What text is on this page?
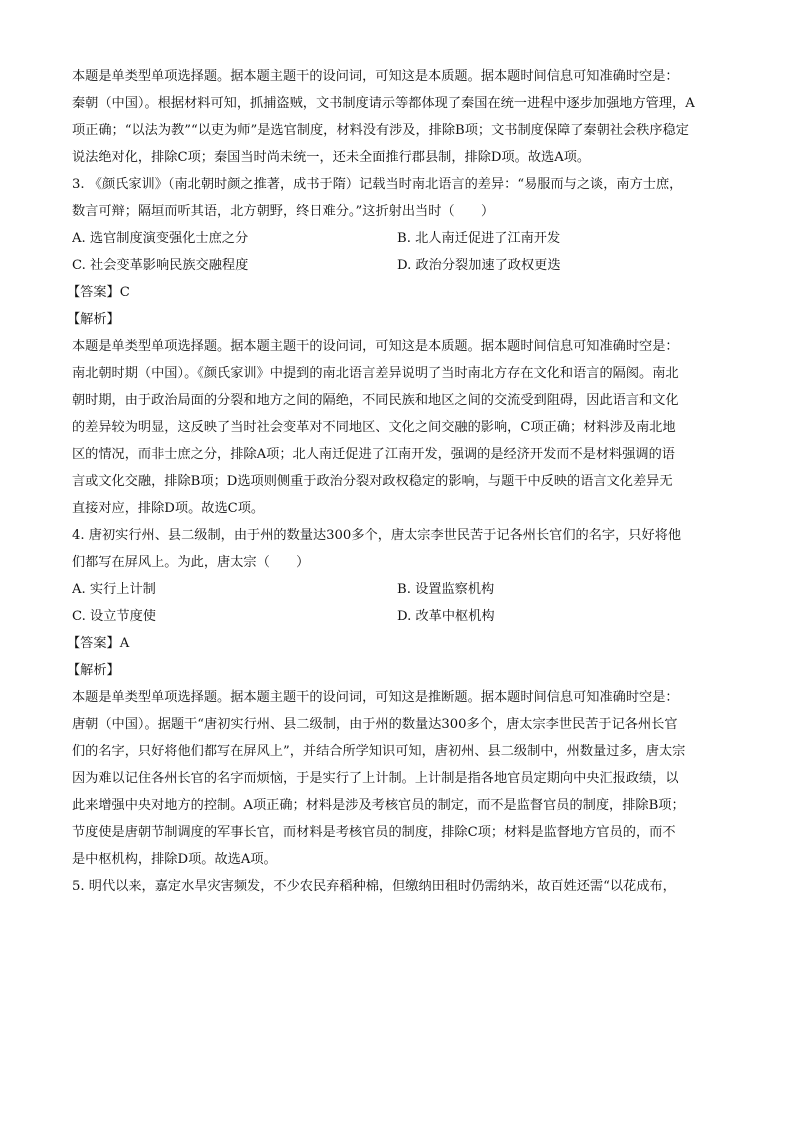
本题是单类型单项选择题。据本题主题干的设问词，可知这是本质题。据本题时间信息可知准确时空是：
秦朝（中国）。根据材料可知，抓捕盗贼，文书制度请示等都体现了秦国在统一进程中逐步加强地方管理，A
项正确；“以法为教”“以吏为师”是选官制度，材料没有涉及，排除B项；文书制度保障了秦朝社会秩序稳定
说法绝对化，排除C项；秦国当时尚未统一，还未全面推行郡县制，排除D项。故选A项。
3. 《颜氏家训》（南北朝时颜之推著，成书于隋）记载当时南北语言的差异：“易服而与之谈，南方士庶，
数言可辩；隔垣而听其语，北方朝野，终日难分。”这折射出当时（　　）
A. 选官制度演变强化士庶之分	B. 北人南迁促进了江南开发
C. 社会变革影响民族交融程度	D. 政治分裂加速了政权更迭
【答案】C
【解析】
本题是单类型单项选择题。据本题主题干的设问词，可知这是本质题。据本题时间信息可知准确时空是：
南北朝时期（中国）。《颜氏家训》中提到的南北语言差异说明了当时南北方存在文化和语言的隔阂。南北
朝时期，由于政治局面的分裂和地方之间的隔绝，不同民族和地区之间的交流受到阻碍，因此语言和文化
的差异较为明显，这反映了当时社会变革对不同地区、文化之间交融的影响，C项正确；材料涉及南北地
区的情况，而非士庶之分，排除A项；北人南迁促进了江南开发，强调的是经济开发而不是材料强调的语
言或文化交融，排除B项；D选项则侧重于政治分裂对政权稳定的影响，与题干中反映的语言文化差异无
直接对应，排除D项。故选C项。
4. 唐初实行州、县二级制，由于州的数量达300多个，唐太宗李世民苦于记各州长官们的名字，只好将他
们都写在屏风上。为此，唐太宗（　　）
A. 实行上计制	B. 设置监察机构
C. 设立节度使	D. 改革中枢机构
【答案】A
【解析】
本题是单类型单项选择题。据本题主题干的设问词，可知这是推断题。据本题时间信息可知准确时空是：
唐朝（中国）。据题干“唐初实行州、县二级制，由于州的数量达300多个，唐太宗李世民苦于记各州长官
们的名字，只好将他们都写在屏风上”，并结合所学知识可知，唐初州、县二级制中，州数量过多，唐太宗
因为难以记住各州长官的名字而烦恼，于是实行了上计制。上计制是指各地官员定期向中央汇报政绩，以
此来增强中央对地方的控制。A项正确；材料是涉及考核官员的制定，而不是监督官员的制度，排除B项；
节度使是唐朝节制调度的军事长官，而材料是考核官员的制度，排除C项；材料是监督地方官员的，而不
是中枢机构，排除D项。故选A项。
5. 明代以来，嘉定水旱灾害频发，不少农民弃稻种棉，但缴纳田租时仍需纳米，故百姓还需“以花成布，
